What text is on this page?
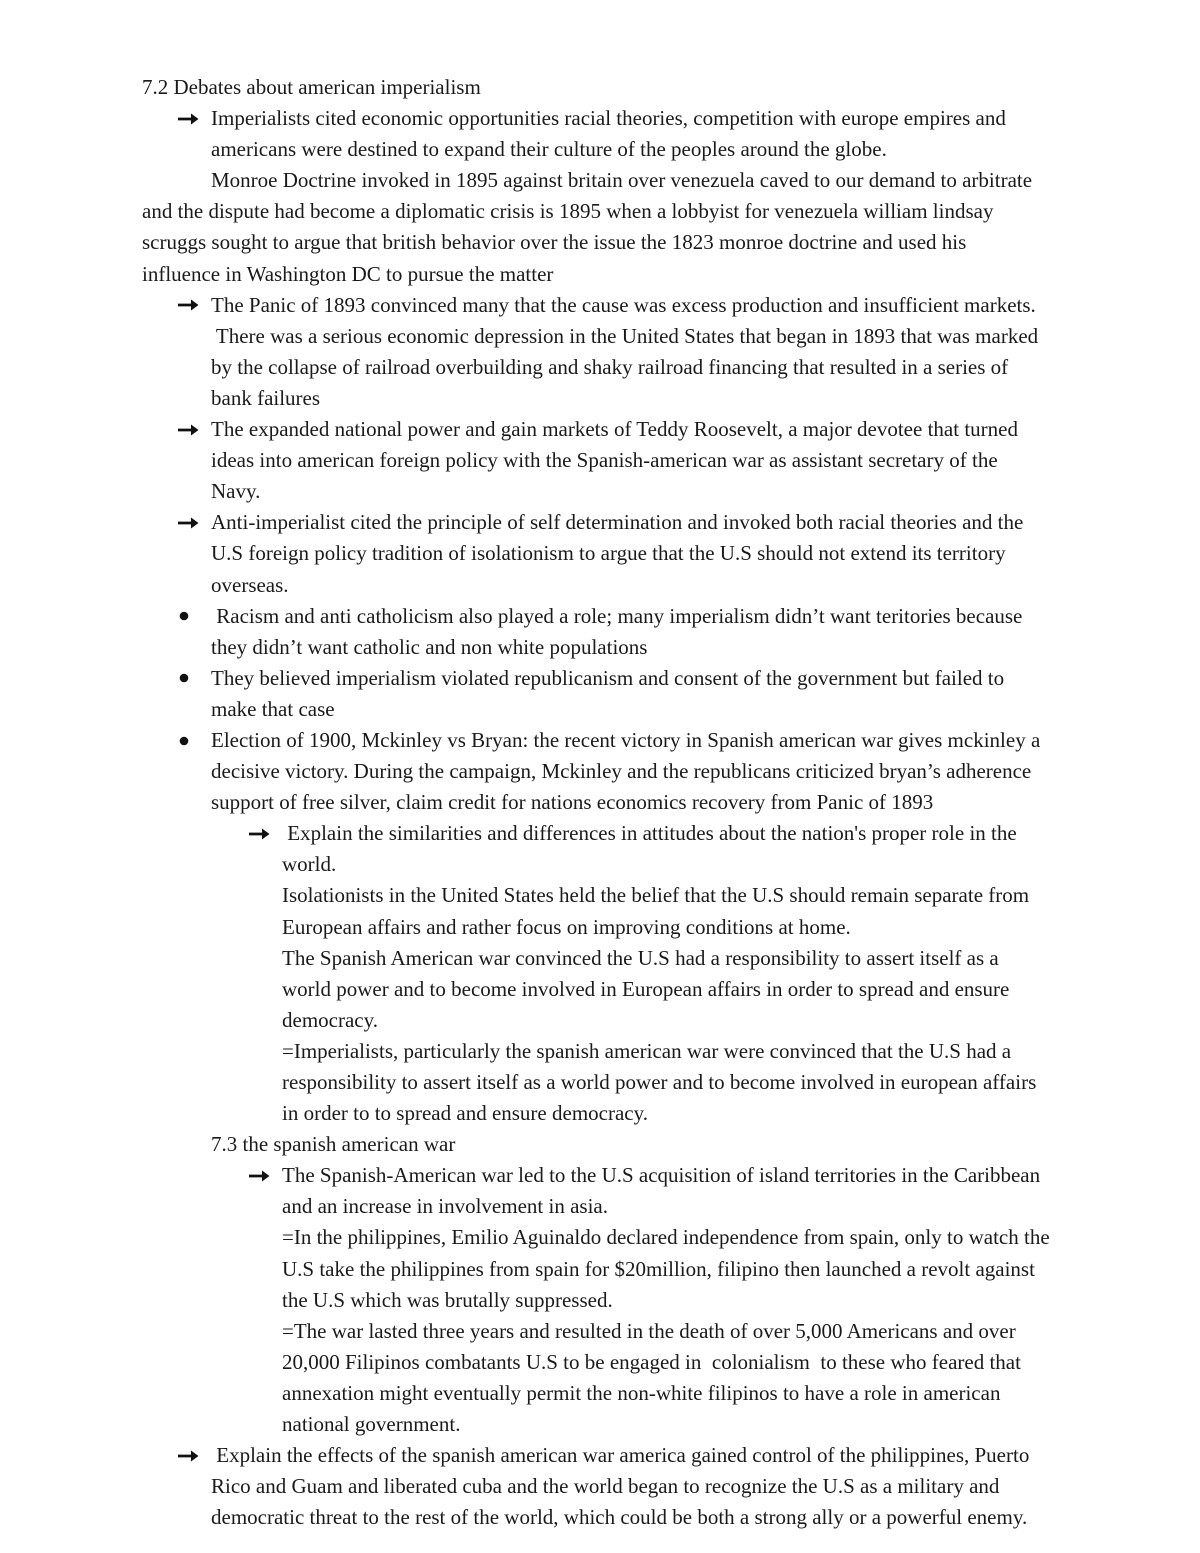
7.2 Debates about american imperialism
Imperialists cited economic opportunities racial theories, competition with europe empires and
americans were destined to expand their culture of the peoples around the globe.
Monroe Doctrine invoked in 1895 against britain over venezuela caved to our demand to arbitrate
and the dispute had become a diplomatic crisis is 1895 when a lobbyist for venezuela william lindsay
scruggs sought to argue that british behavior over the issue the 1823 monroe doctrine and used his
influence in Washington DC to pursue the matter
The Panic of 1893 convinced many that the cause was excess production and insufficient markets.
There was a serious economic depression in the United States that began in 1893 that was marked
by the collapse of railroad overbuilding and shaky railroad financing that resulted in a series of
bank failures
The expanded national power and gain markets of Teddy Roosevelt, a major devotee that turned
ideas into american foreign policy with the Spanish-american war as assistant secretary of the
Navy.
Anti-imperialist cited the principle of self determination and invoked both racial theories and the
U.S foreign policy tradition of isolationism to argue that the U.S should not extend its territory
overseas.
Racism and anti catholicism also played a role; many imperialism didn’t want teritories because
they didn’t want catholic and non white populations
They believed imperialism violated republicanism and consent of the government but failed to
make that case
Election of 1900, Mckinley vs Bryan: the recent victory in Spanish american war gives mckinley a
decisive victory. During the campaign, Mckinley and the republicans criticized bryan’s adherence
support of free silver, claim credit for nations economics recovery from Panic of 1893
Explain the similarities and differences in attitudes about the nation's proper role in the
world.
Isolationists in the United States held the belief that the U.S should remain separate from
European affairs and rather focus on improving conditions at home.
The Spanish American war convinced the U.S had a responsibility to assert itself as a
world power and to become involved in European affairs in order to spread and ensure
democracy.
=Imperialists, particularly the spanish american war were convinced that the U.S had a
responsibility to assert itself as a world power and to become involved in european affairs
in order to to spread and ensure democracy.
7.3 the spanish american war
The Spanish-American war led to the U.S acquisition of island territories in the Caribbean
and an increase in involvement in asia.
=In the philippines, Emilio Aguinaldo declared independence from spain, only to watch the
U.S take the philippines from spain for $20million, filipino then launched a revolt against
the U.S which was brutally suppressed.
=The war lasted three years and resulted in the death of over 5,000 Americans and over
20,000 Filipinos combatants U.S to be engaged in  colonialism  to these who feared that
annexation might eventually permit the non-white filipinos to have a role in american
national government.
Explain the effects of the spanish american war america gained control of the philippines, Puerto
Rico and Guam and liberated cuba and the world began to recognize the U.S as a military and
democratic threat to the rest of the world, which could be both a strong ally or a powerful enemy.
